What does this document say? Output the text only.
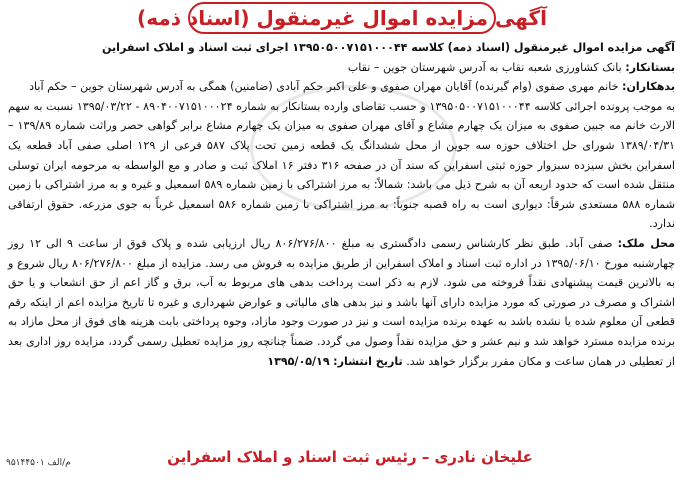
آگهی مزایده اموال غیرمنقول (اسناد ذمه)

آگهی مزایده اموال غیرمنقول (اسناد ذمه) کلاسه ۱۳۹۵۰۵۰۰۷۱۵۱۰۰۰۴۴ اجرای ثبت اسناد و املاک اسفراین

بستانکار: بانک کشاورزی شعبه نقاب به آدرس شهرستان جوین – نقاب

بدهکاران: خانم مهری صفوی (وام گیرنده) آقایان مهران صفوی و علی اکبر حکم آبادی (ضامنین) همگی به آدرس شهرستان جوین – حکم آباد

به موجب پرونده اجرائی کلاسه ۱۳۹۵۰۵۰۰۷۱۵۱۰۰۰۴۴ و حسب تقاضای وارده بستانکار به شماره ۸۹۰۴۰۰۷۱۵۱۰۰۰۲۴ - ۱۳۹۵/۰۳/۲۲ نسبت به سهم الارث خانم مه جبین صفوی به میزان یک چهارم مشاع و آقای مهران صفوی به میزان یک چهارم مشاع برابر گواهی حصر وراثت شماره ۱۳۹/۸۹ – ۱۳۸۹/۰۴/۳۱ شورای حل اختلاف حوزه سه جوین از محل ششدانگ یک قطعه زمین تحت پلاک ۵۸۷ فرعی از ۱۲۹ اصلی صفی آباد قطعه یک اسفراین بخش سیزده سبزوار حوزه ثبتی اسفراین که سند آن در صفحه ۳۱۶ دفتر ۱۶ املاک ثبت و صادر و مع الواسطه به مرحومه ایران توسلی منتقل شده است که حدود اربعه آن به شرح ذیل می باشد: شمالاً: به مرز اشتراکی با زمین شماره ۵۸۹ اسمعیل و غیره و به مرز اشتراکی با زمین شماره ۵۸۸ مستعدی شرقاً: دیواری است به راه قصبه جنوباً: به مرز اشتراکی با زمین شماره ۵۸۶ اسمعیل غرباً به جوی مزرعه. حقوق ارتفاقی ندارد.

محل ملک: صفی آباد. طبق نظر کارشناس رسمی دادگستری به مبلغ ۸۰۶/۲۷۶/۸۰۰ ریال ارزیابی شده و پلاک فوق از ساعت ۹ الی ۱۲ روز چهارشنبه مورخ ۱۳۹۵/۰۶/۱۰ در اداره ثبت اسناد و املاک اسفراین از طریق مزایده به فروش می رسد. مزایده از مبلغ ۸۰۶/۲۷۶/۸۰۰ ریال شروع و به بالاترین قیمت پیشنهادی نقداً فروخته می شود. لازم به ذکر است پرداخت بدهی های مربوط به آب، برق و گاز اعم از حق انشعاب و یا حق اشتراک و مصرف در صورتی که مورد مزایده دارای آنها باشد و نیز بدهی های مالیاتی و عوارض شهرداری و غیره تا تاریخ مزایده اعم از اینکه رقم قطعی آن معلوم شده یا نشده باشد به عهده برنده مزایده است و نیز در صورت وجود مازاد، وجوه پرداختی بابت هزینه های فوق از محل مازاد به برنده مزایده مسترد خواهد شد و نیم عشر و حق مزایده نقداً وصول می گردد. ضمناً چنانچه روز مزایده تعطیل رسمی گردد، مزایده روز اداری بعد از تعطیلی در همان ساعت و مکان مقرر برگزار خواهد شد. تاریخ انتشار: ۱۳۹۵/۰۵/۱۹

علیخان نادری – رئیس ثبت اسناد و املاک اسفراین
م/الف ۹۵۱۴۴۵۰۱
